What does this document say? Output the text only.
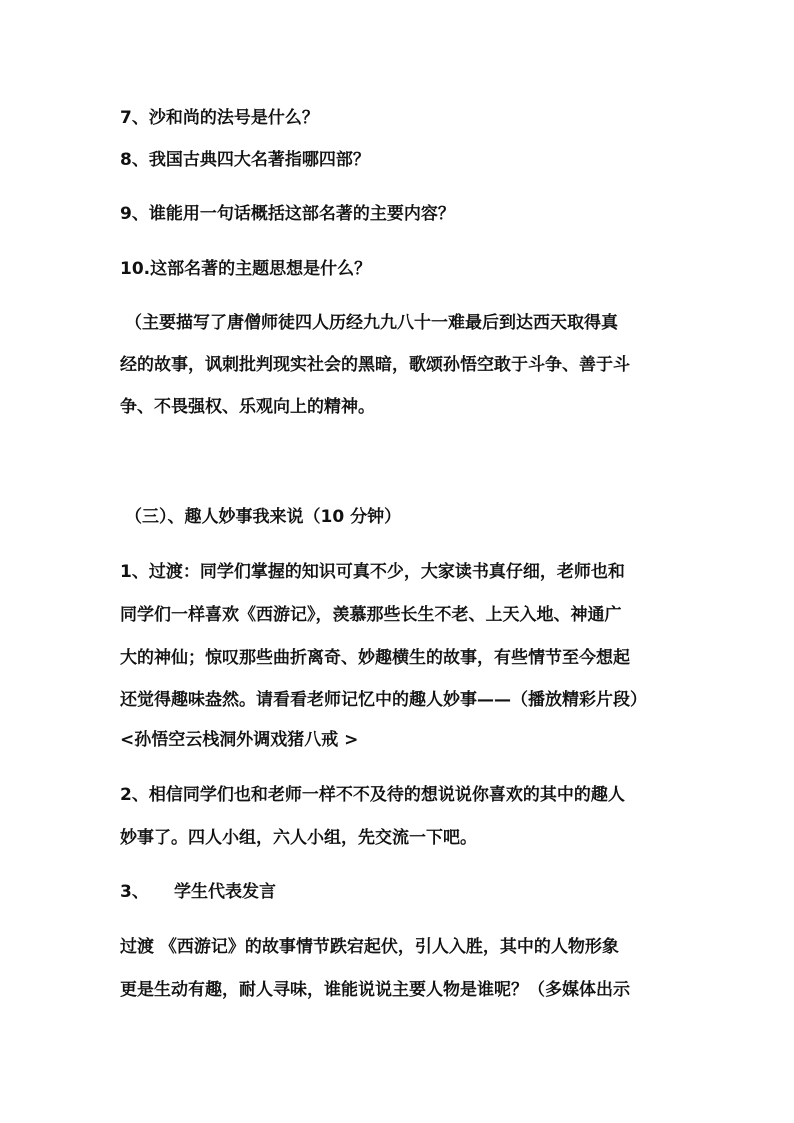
7、沙和尚的法号是什么？
8、我国古典四大名著指哪四部？
9、谁能用一句话概括这部名著的主要内容？
10.这部名著的主题思想是什么？
（主要描写了唐僧师徒四人历经九九八十一难最后到达西天取得真
经的故事，讽刺批判现实社会的黑暗，歌颂孙悟空敢于斗争、善于斗
争、不畏强权、乐观向上的精神。
（三）、趣人妙事我来说（10 分钟）
1、过渡：同学们掌握的知识可真不少，大家读书真仔细，老师也和
同学们一样喜欢《西游记》，羡慕那些长生不老、上天入地、神通广
大的神仙；惊叹那些曲折离奇、妙趣横生的故事，有些情节至今想起
还觉得趣味盎然。请看看老师记忆中的趣人妙事——（播放精彩片段）
<孙悟空云栈洞外调戏猪八戒 >
2、相信同学们也和老师一样不不及待的想说说你喜欢的其中的趣人
妙事了。四人小组，六人小组，先交流一下吧。
3、 学生代表发言
过渡 《西游记》的故事情节跌宕起伏，引人入胜，其中的人物形象
更是生动有趣，耐人寻味，谁能说说主要人物是谁呢？（多媒体出示
